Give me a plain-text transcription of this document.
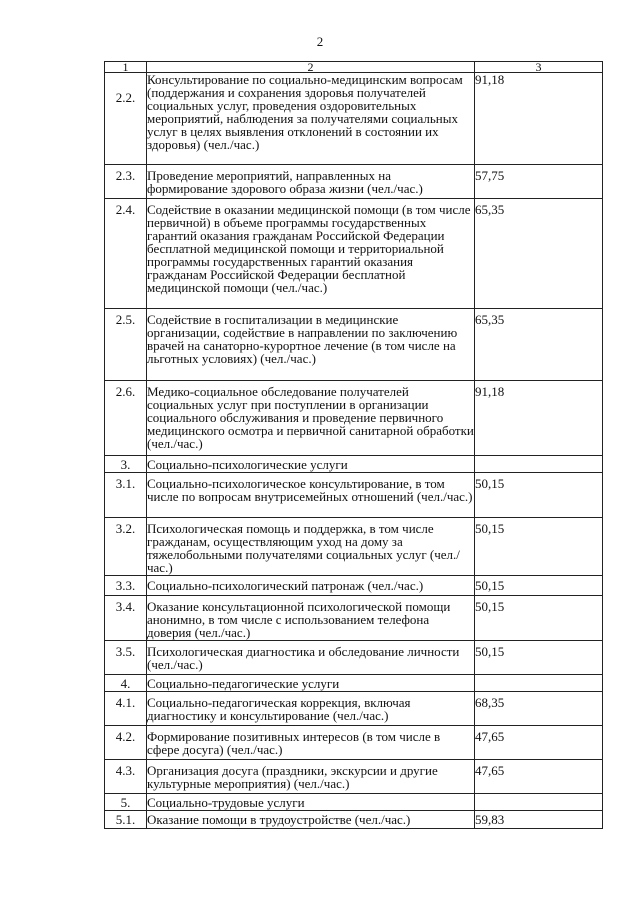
2
1	2	3
2.2.	Консультирование по социально-медицинским вопросам (поддержания и сохранения здоровья получателей социальных услуг, проведения оздоровительных мероприятий, наблюдения за получателями социальных услуг в целях выявления отклонений в состоянии их здоровья) (чел./час.)	91,18
2.3.	Проведение мероприятий, направленных на формирование здорового образа жизни (чел./час.)	57,75
2.4.	Содействие в оказании медицинской помощи (в том числе первичной) в объеме программы государственных гарантий оказания гражданам Российской Федерации бесплатной медицинской помощи и территориальной программы государственных гарантий оказания гражданам Российской Федерации бесплатной медицинской помощи (чел./час.)	65,35
2.5.	Содействие в госпитализации в медицинские организации, содействие в направлении по заключению врачей на санаторно-курортное лечение (в том числе на льготных условиях) (чел./час.)	65,35
2.6.	Медико-социальное обследование получателей социальных услуг при поступлении в организации социального обслуживания и проведение первичного медицинского осмотра и первичной санитарной обработки (чел./час.)	91,18
3.	Социально-психологические услуги	
3.1.	Социально-психологическое консультирование, в том числе по вопросам внутрисемейных отношений (чел./час.)	50,15
3.2.	Психологическая помощь и поддержка, в том числе гражданам, осуществляющим уход на дому за тяжелобольными получателями социальных услуг (чел./час.)	50,15
3.3.	Социально-психологический патронаж (чел./час.)	50,15
3.4.	Оказание консультационной психологической помощи анонимно, в том числе с использованием телефона доверия (чел./час.)	50,15
3.5.	Психологическая диагностика и обследование личности (чел./час.)	50,15
4.	Социально-педагогические услуги	
4.1.	Социально-педагогическая коррекция, включая диагностику и консультирование (чел./час.)	68,35
4.2.	Формирование позитивных интересов (в том числе в сфере досуга) (чел./час.)	47,65
4.3.	Организация досуга (праздники, экскурсии и другие культурные мероприятия) (чел./час.)	47,65
5.	Социально-трудовые услуги	
5.1.	Оказание помощи в трудоустройстве (чел./час.)	59,83
